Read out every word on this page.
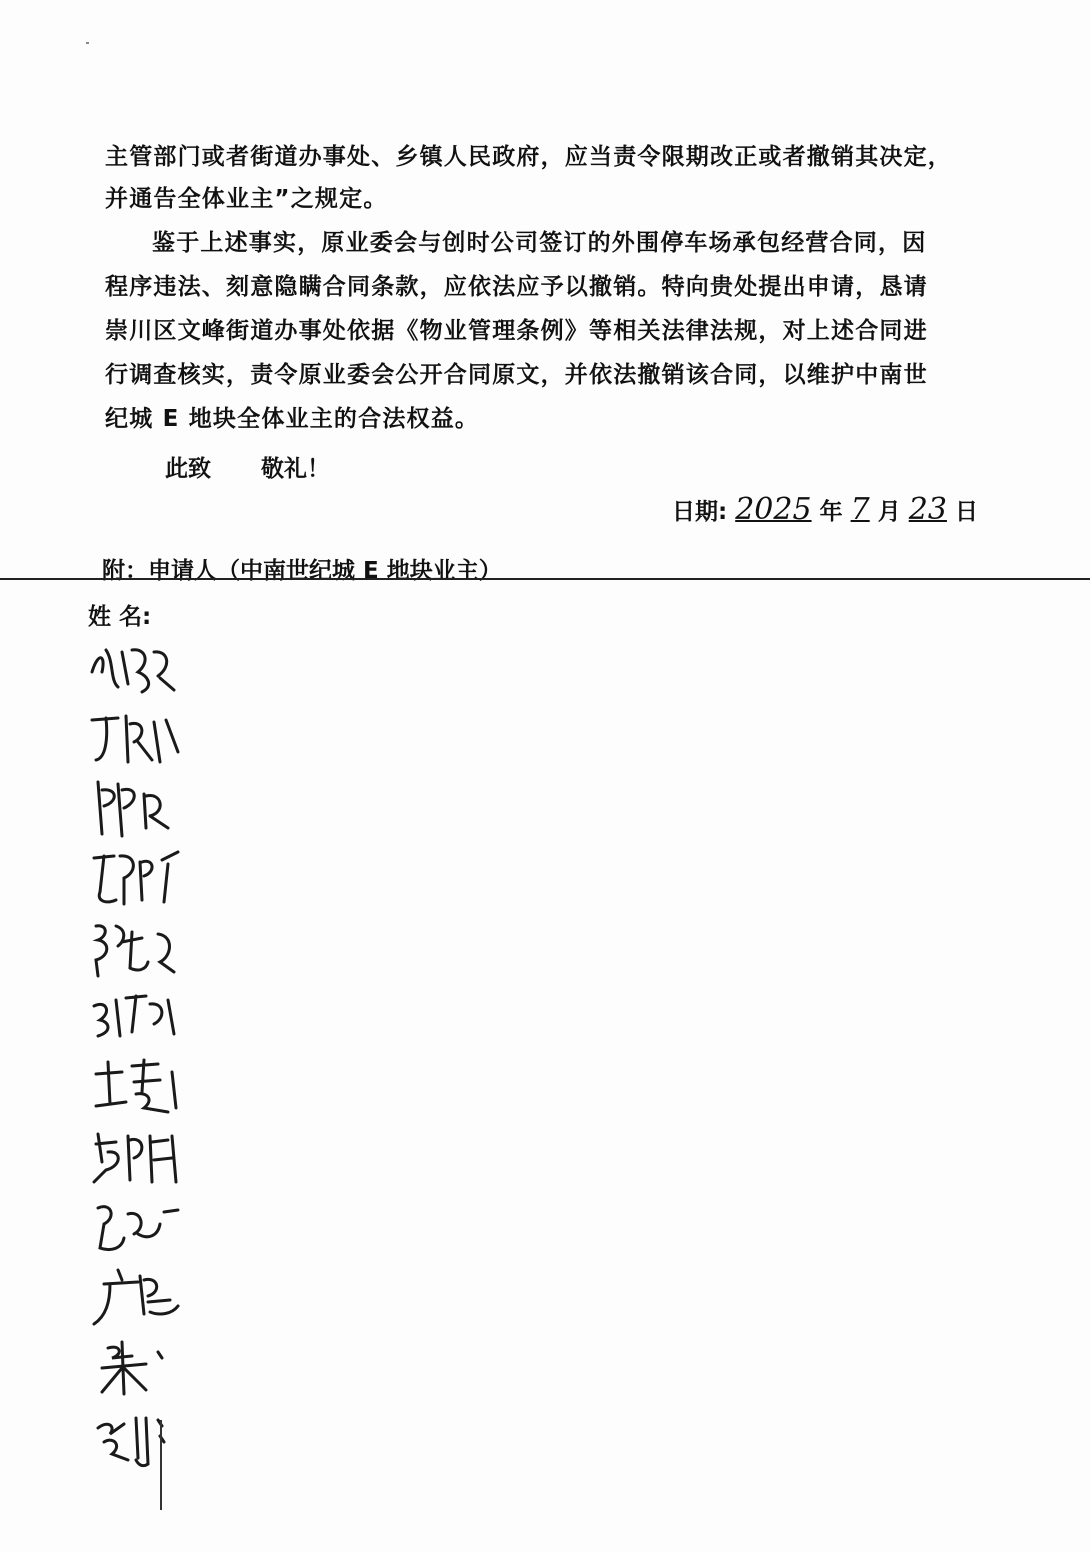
主管部门或者街道办事处、乡镇人民政府，应当责令限期改正或者撤销其决定，
并通告全体业主”之规定。
鉴于上述事实，原业委会与创时公司签订的外围停车场承包经营合同，因
程序违法、刻意隐瞒合同条款，应依法应予以撤销。特向贵处提出申请，恳请
崇川区文峰街道办事处依据《物业管理条例》等相关法律法规，对上述合同进
行调查核实，责令原业委会公开合同原文，并依法撤销该合同，以维护中南世
纪城 E 地块全体业主的合法权益。
此致 敬礼！
日期: 2025 年 7 月 23 日
附：申请人（中南世纪城 E 地块业主）
姓 名:
